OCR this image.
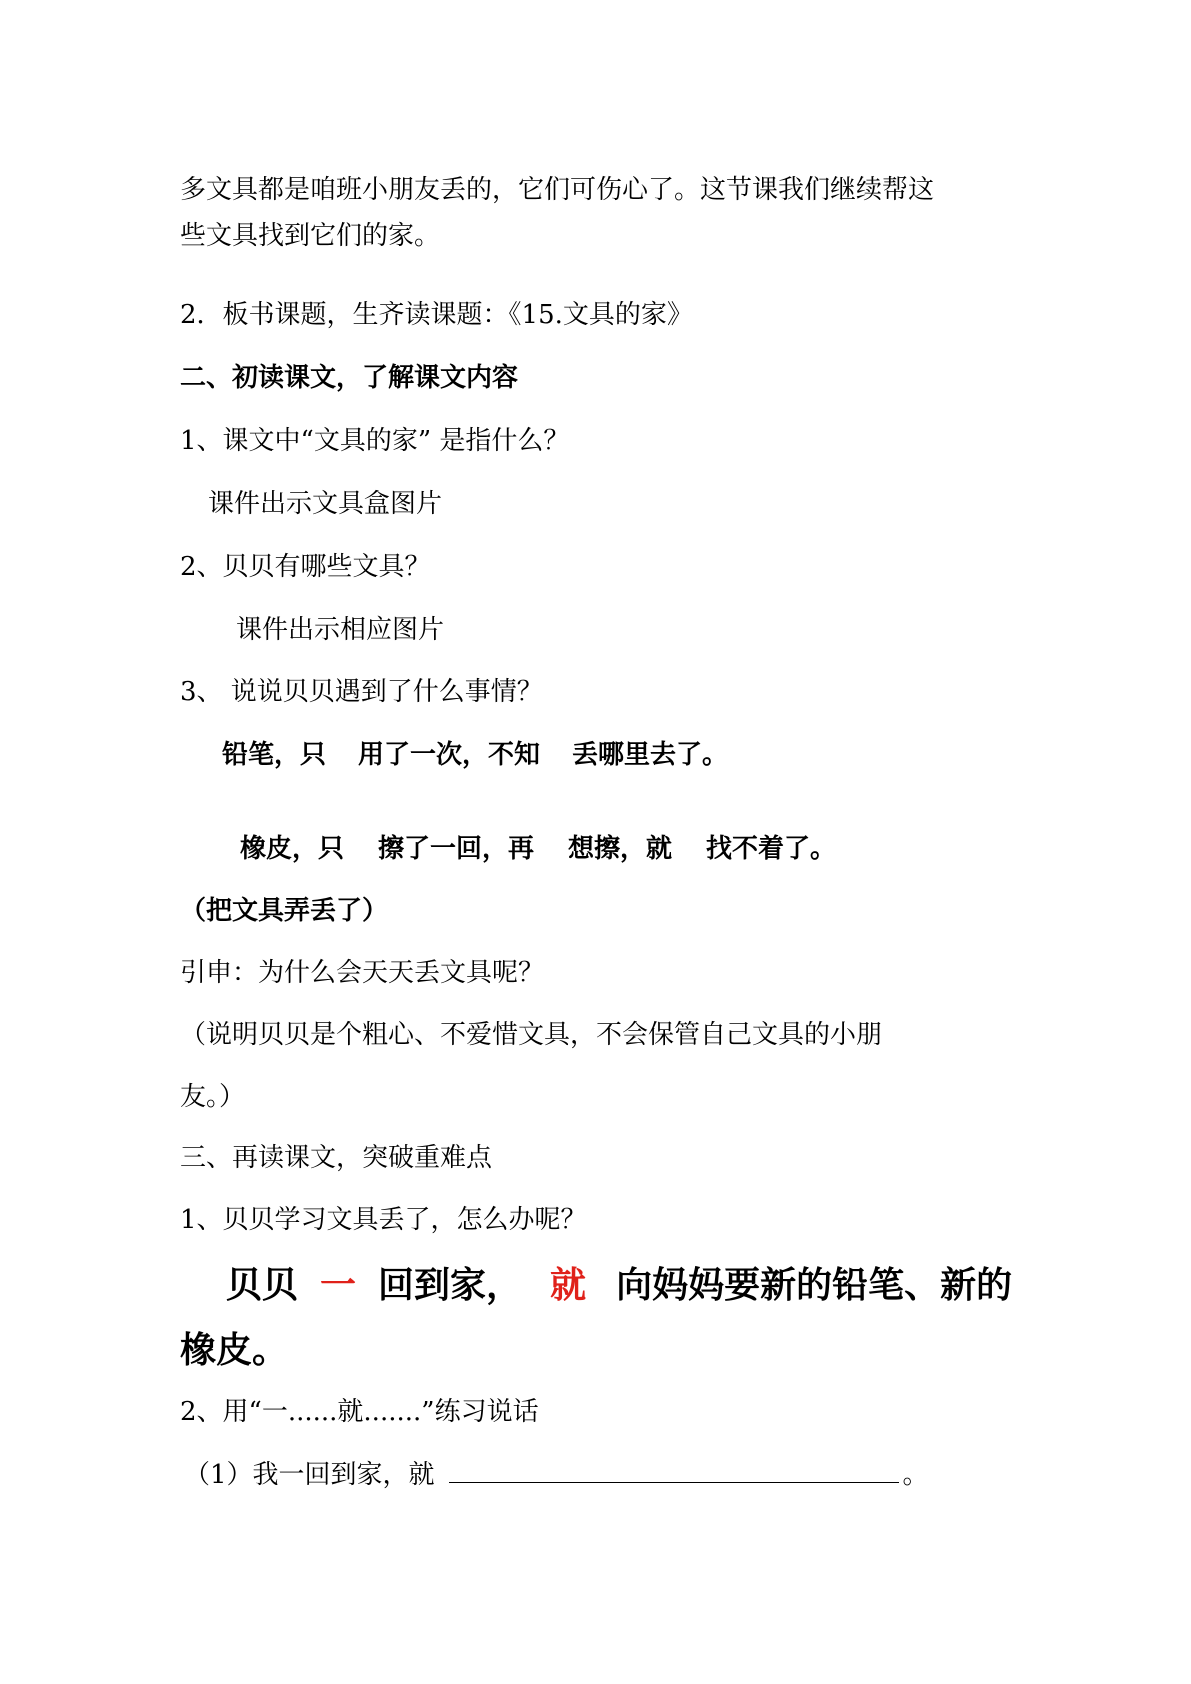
多文具都是咱班小朋友丢的，它们可伤心了。这节课我们继续帮这

些文具找到它们的家。

2．板书课题，生齐读课题：《15.文具的家》

二、初读课文，了解课文内容

1、课文中“文具的家” 是指什么？

课件出示文具盒图片

2、贝贝有哪些文具？

课件出示相应图片

3、 说说贝贝遇到了什么事情？

铅笔，只 用了一次，不知 丢哪里去了。

橡皮，只 擦了一回，再 想擦，就 找不着了。

（把文具弄丢了）

引申：为什么会天天丢文具呢？

（说明贝贝是个粗心、不爱惜文具，不会保管自己文具的小朋

友。）

三、再读课文，突破重难点

1、贝贝学习文具丢了，怎么办呢？

贝贝 一 回到家， 就 向妈妈要新的铅笔、新的

橡皮。

2、用“一......就.......”练习说话

（1）我一回到家，就	。
